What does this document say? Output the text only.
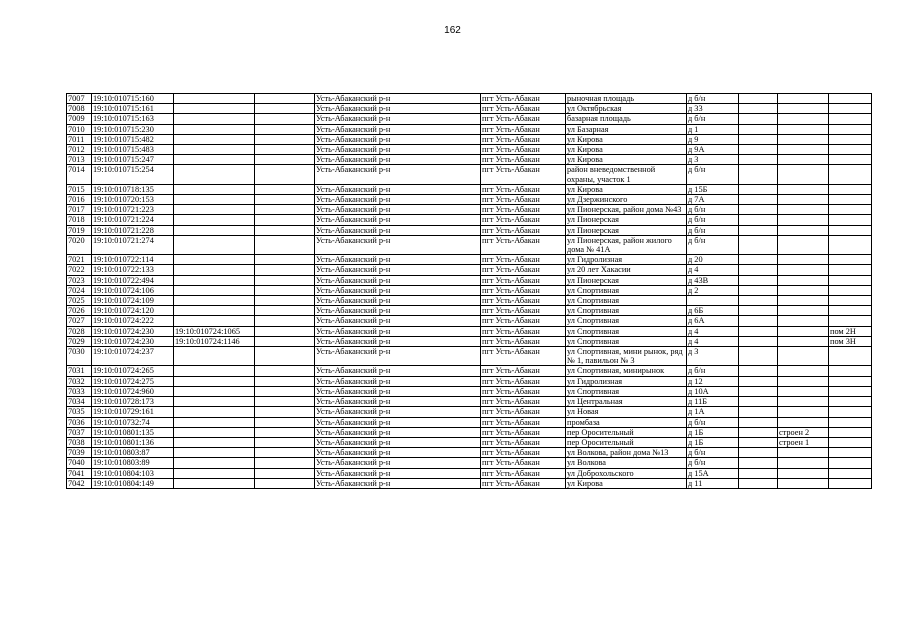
162
7007	19:10:010715:160			Усть-Абаканский р-н	пгт Усть-Абакан	рыночная площадь	д б/н			
7008	19:10:010715:161			Усть-Абаканский р-н	пгт Усть-Абакан	ул Октябрьская	д 33			
7009	19:10:010715:163			Усть-Абаканский р-н	пгт Усть-Абакан	базарная площадь	д б/н			
7010	19:10:010715:230			Усть-Абаканский р-н	пгт Усть-Абакан	ул Базарная	д 1			
7011	19:10:010715:482			Усть-Абаканский р-н	пгт Усть-Абакан	ул Кирова	д 9			
7012	19:10:010715:483			Усть-Абаканский р-н	пгт Усть-Абакан	ул Кирова	д 9А			
7013	19:10:010715:247			Усть-Абаканский р-н	пгт Усть-Абакан	ул Кирова	д 3			
7014	19:10:010715:254			Усть-Абаканский р-н	пгт Усть-Абакан	район вневедомственной охраны, участок 1	д б/н			
7015	19:10:010718:135			Усть-Абаканский р-н	пгт Усть-Абакан	ул Кирова	д 15Б			
7016	19:10:010720:153			Усть-Абаканский р-н	пгт Усть-Абакан	ул Дзержинского	д 7А			
7017	19:10:010721:223			Усть-Абаканский р-н	пгт Усть-Абакан	ул Пионерская, район дома №43	д б/н			
7018	19:10:010721:224			Усть-Абаканский р-н	пгт Усть-Абакан	ул Пионерская	д б/н			
7019	19:10:010721:228			Усть-Абаканский р-н	пгт Усть-Абакан	ул Пионерская	д б/н			
7020	19:10:010721:274			Усть-Абаканский р-н	пгт Усть-Абакан	ул Пионерская, район жилого дома № 41А	д б/н			
7021	19:10:010722:114			Усть-Абаканский р-н	пгт Усть-Абакан	ул Гидролизная	д 20			
7022	19:10:010722:133			Усть-Абаканский р-н	пгт Усть-Абакан	ул 20 лет Хакасии	д 4			
7023	19:10:010722:494			Усть-Абаканский р-н	пгт Усть-Абакан	ул Пионерская	д 43В			
7024	19:10:010724:106			Усть-Абаканский р-н	пгт Усть-Абакан	ул Спортивная	д 2			
7025	19:10:010724:109			Усть-Абаканский р-н	пгт Усть-Абакан	ул Спортивная				
7026	19:10:010724:120			Усть-Абаканский р-н	пгт Усть-Абакан	ул Спортивная	д 6Б			
7027	19:10:010724:222			Усть-Абаканский р-н	пгт Усть-Абакан	ул Спортивная	д 6А			
7028	19:10:010724:230	19:10:010724:1065		Усть-Абаканский р-н	пгт Усть-Абакан	ул Спортивная	д 4			пом 2Н
7029	19:10:010724:230	19:10:010724:1146		Усть-Абаканский р-н	пгт Усть-Абакан	ул Спортивная	д 4			пом 3Н
7030	19:10:010724:237			Усть-Абаканский р-н	пгт Усть-Абакан	ул Спортивная, мини рынок, ряд № 1, павильон № 3	д 3			
7031	19:10:010724:265			Усть-Абаканский р-н	пгт Усть-Абакан	ул Спортивная, минирынок	д б/н			
7032	19:10:010724:275			Усть-Абаканский р-н	пгт Усть-Абакан	ул Гидролизная	д 12			
7033	19:10:010724:960			Усть-Абаканский р-н	пгт Усть-Абакан	ул Спортивная	д 10А			
7034	19:10:010728:173			Усть-Абаканский р-н	пгт Усть-Абакан	ул Центральная	д 11Б			
7035	19:10:010729:161			Усть-Абаканский р-н	пгт Усть-Абакан	ул Новая	д 1А			
7036	19:10:010732:74			Усть-Абаканский р-н	пгт Усть-Абакан	промбаза	д б/н			
7037	19:10:010801:135			Усть-Абаканский р-н	пгт Усть-Абакан	пер Оросительный	д 1Б		строен 2	
7038	19:10:010801:136			Усть-Абаканский р-н	пгт Усть-Абакан	пер Оросительный	д 1Б		строен 1	
7039	19:10:010803:87			Усть-Абаканский р-н	пгт Усть-Абакан	ул Волкова, район дома №13	д б/н			
7040	19:10:010803:89			Усть-Абаканский р-н	пгт Усть-Абакан	ул Волкова	д б/н			
7041	19:10:010804:103			Усть-Абаканский р-н	пгт Усть-Абакан	ул Доброхольского	д 15А			
7042	19:10:010804:149			Усть-Абаканский р-н	пгт Усть-Абакан	ул Кирова	д 11			
